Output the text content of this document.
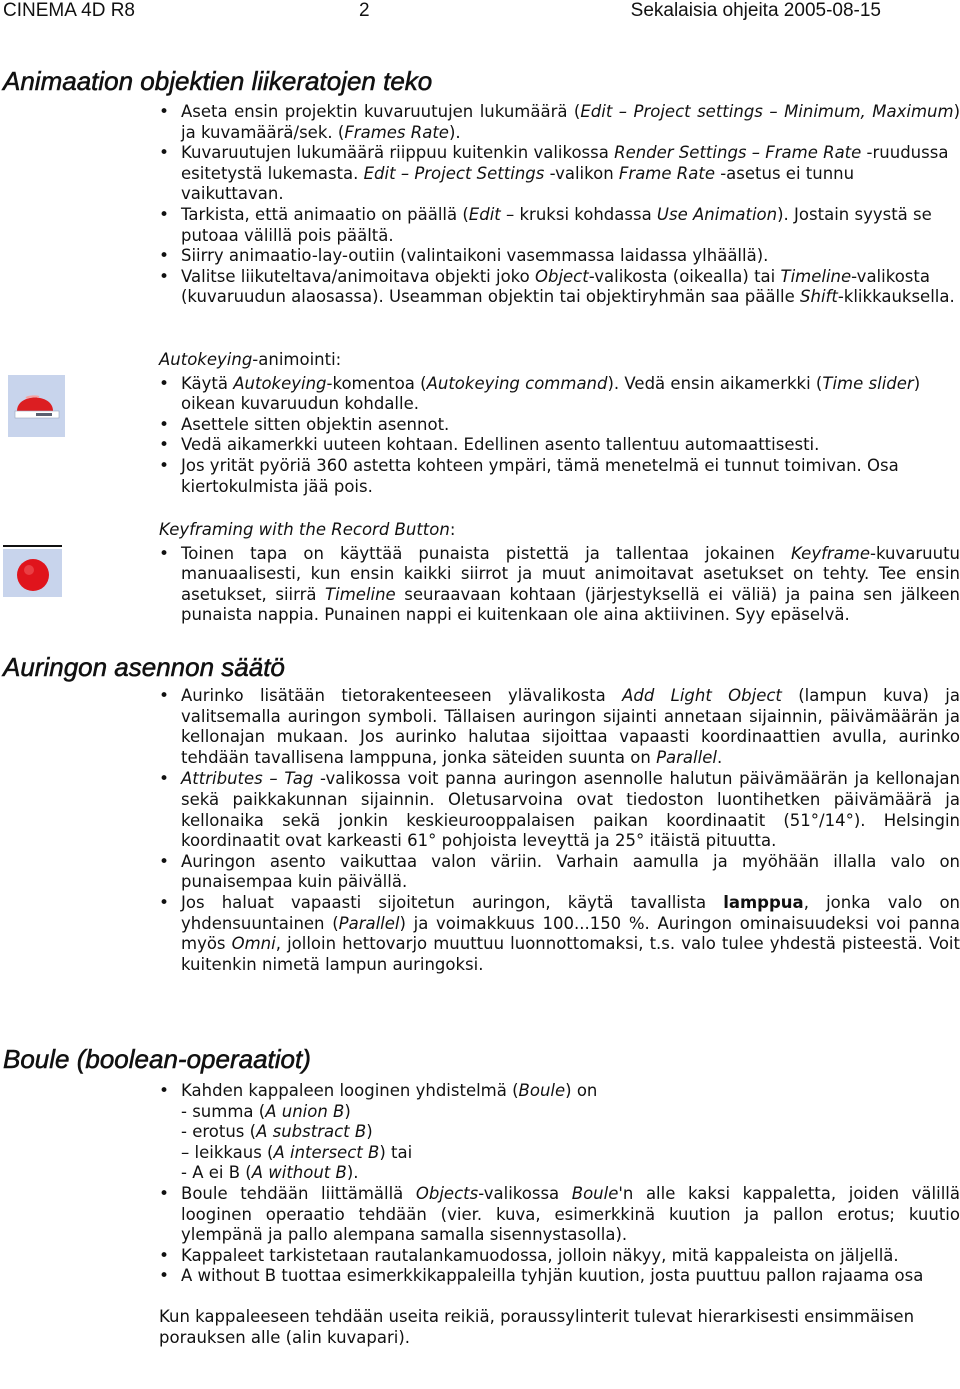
CINEMA 4D R8	2	Sekalaisia ohjeita 2005-08-15
Animaation objektien liikeratojen teko
• Aseta ensin projektin kuvaruutujen lukumäärä (Edit – Project settings – Minimum, Maximum) ja kuvamäärä/sek. (Frames Rate).
• Kuvaruutujen lukumäärä riippuu kuitenkin valikossa Render Settings – Frame Rate -ruudussa esitetystä lukemasta. Edit – Project Settings -valikon Frame Rate -asetus ei tunnu vaikuttavan.
• Tarkista, että animaatio on päällä (Edit – kruksi kohdassa Use Animation). Jostain syystä se putoaa välillä pois päältä.
• Siirry animaatio-lay-outiin (valintaikoni vasemmassa laidassa ylhäällä).
• Valitse liikuteltava/animoitava objekti joko Object-valikosta (oikealla) tai Timeline-valikosta (kuvaruudun alaosassa). Useamman objektin tai objektiryhmän saa päälle Shift-klikkauksella.

Autokeying-animointi:

• Käytä Autokeying-komentoa (Autokeying command). Vedä ensin aikamerkki (Time slider) oikean kuvaruudun kohdalle.
• Asettele sitten objektin asennot.
• Vedä aikamerkki uuteen kohtaan. Edellinen asento tallentuu automaattisesti.
• Jos yrität pyöriä 360 astetta kohteen ympäri, tämä menetelmä ei tunnut toimivan. Osa kiertokulmista jää pois.

Keyframing with the Record Button:

• Toinen tapa on käyttää punaista pistettä ja tallentaa jokainen Keyframe-kuvaruutu manuaalisesti, kun ensin kaikki siirrot ja muut animoitavat asetukset on tehty. Tee ensin asetukset, siirrä Timeline seuraavaan kohtaan (järjestyksellä ei väliä) ja paina sen jälkeen punaista nappia. Punainen nappi ei kuitenkaan ole aina aktiivinen. Syy epäselvä.
Auringon asennon säätö
• Aurinko lisätään tietorakenteeseen ylävalikosta Add Light Object (lampun kuva) ja valitsemalla auringon symboli. Tällaisen auringon sijainti annetaan sijainnin, päivämäärän ja kellonajan mukaan. Jos aurinko halutaa sijoittaa vapaasti koordinaattien avulla, aurinko tehdään tavallisena lamppuna, jonka säteiden suunta on Parallel.
• Attributes – Tag -valikossa voit panna auringon asennolle halutun päivämäärän ja kellonajan sekä paikkakunnan sijainnin. Oletusarvoina ovat tiedoston luontihetken päivämäärä ja kellonaika sekä jonkin keskieurooppalaisen paikan koordinaatit (51°/14°). Helsingin koordinaatit ovat karkeasti 61° pohjoista leveyttä ja 25° itäistä pituutta.
• Auringon asento vaikuttaa valon väriin. Varhain aamulla ja myöhään illalla valo on punaisempaa kuin päivällä.
• Jos haluat vapaasti sijoitetun auringon, käytä tavallista lamppua, jonka valo on yhdensuuntainen (Parallel) ja voimakkuus 100...150 %. Auringon ominaisuudeksi voi panna myös Omni, jolloin hettovarjo muuttuu luonnottomaksi, t.s. valo tulee yhdestä pisteestä. Voit kuitenkin nimetä lampun auringoksi.
Boule (boolean-operaatiot)
• Kahden kappaleen looginen yhdistelmä (Boule) on
- summa (A union B)
- erotus (A substract B)
– leikkaus (A intersect B) tai
- A ei B (A without B).
• Boule tehdään liittämällä Objects-valikossa Boule'n alle kaksi kappaletta, joiden välillä looginen operaatio tehdään (vier. kuva, esimerkkinä kuution ja pallon erotus; kuutio ylempänä ja pallo alempana samalla sisennystasolla).
• Kappaleet tarkistetaan rautalankamuodossa, jolloin näkyy, mitä kappaleista on jäljellä.
• A without B tuottaa esimerkkikappaleilla tyhjän kuution, josta puuttuu pallon rajaama osa

Kun kappaleeseen tehdään useita reikiä, poraussylinterit tulevat hierarkisesti ensimmäisen porauksen alle (alin kuvapari).
